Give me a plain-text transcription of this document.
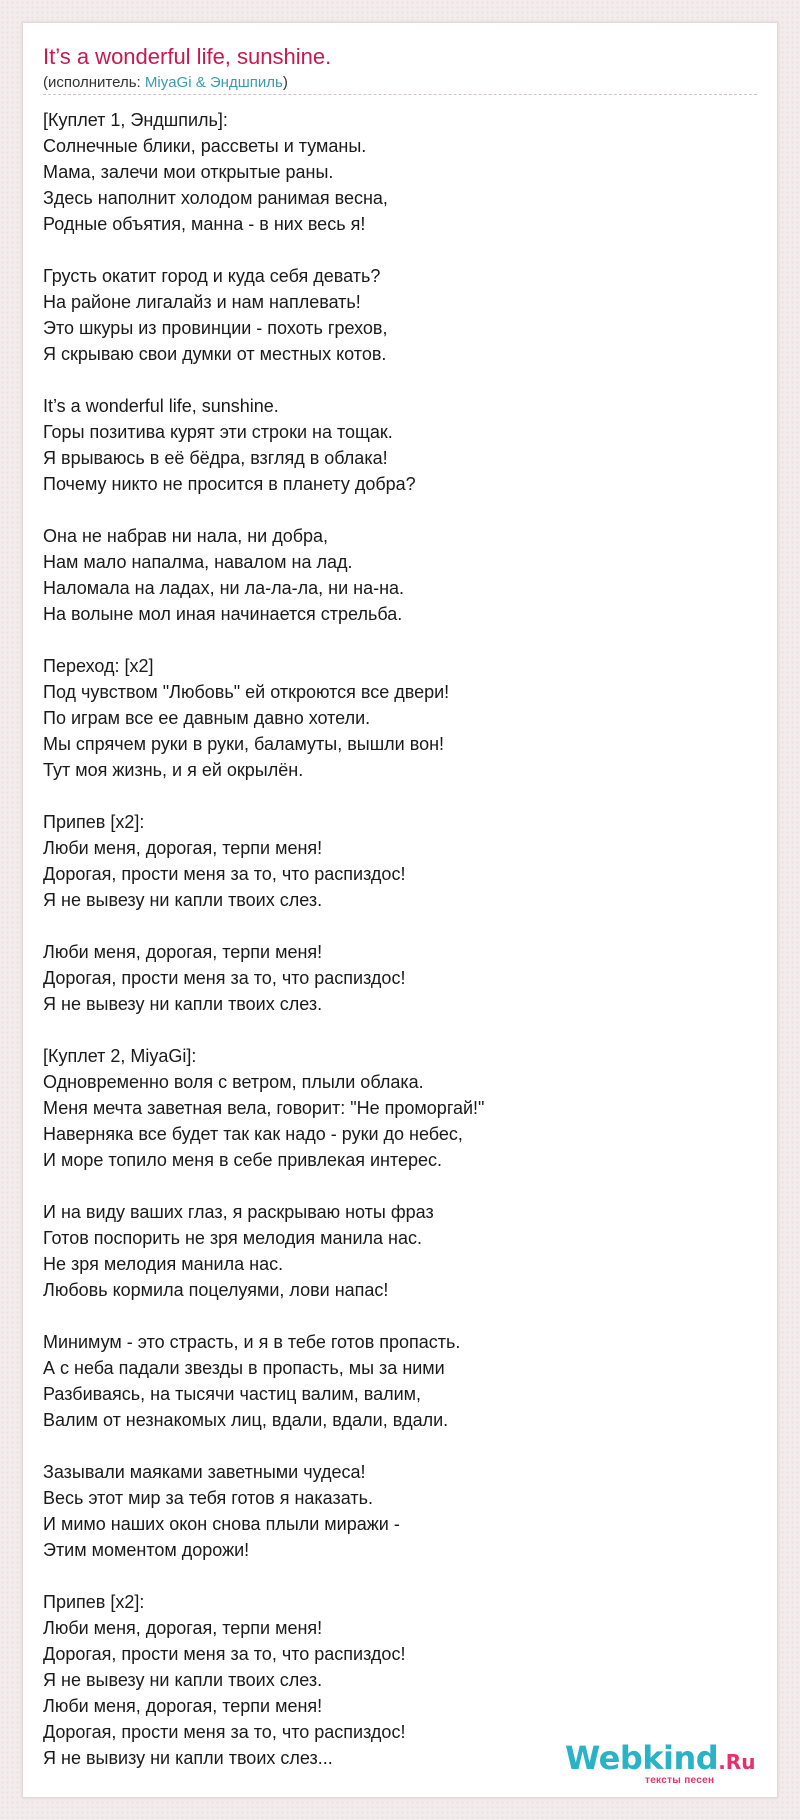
It’s a wonderful life, sunshine.
(исполнитель: MiyaGi & Эндшпиль)
[Куплет 1, Эндшпиль]:
Солнечные блики, рассветы и туманы.
Мама, залечи мои открытые раны.
Здесь наполнит холодом ранимая весна,
Родные объятия, манна - в них весь я!
Грусть окатит город и куда себя девать?
На районе лигалайз и нам наплевать!
Это шкуры из провинции - похоть грехов,
Я скрываю свои думки от местных котов.
It’s a wonderful life, sunshine.
Горы позитива курят эти строки на тощак.
Я врываюсь в её бёдра, взгляд в облака!
Почему никто не просится в планету добра?
Она не набрав ни нала, ни добра,
Нам мало напалма, навалом на лад.
Наломала на ладах, ни ла-ла-ла, ни на-на.
На волыне мол иная начинается стрельба.
Переход: [x2]
Под чувством "Любовь" ей откроются все двери!
По играм все ее давным давно хотели.
Мы спрячем руки в руки, баламуты, вышли вон!
Тут моя жизнь, и я ей окрылён.
Припев [x2]:
Люби меня, дорогая, терпи меня!
Дорогая, прости меня за то, что распиздос!
Я не вывезу ни капли твоих слез.
Люби меня, дорогая, терпи меня!
Дорогая, прости меня за то, что распиздос!
Я не вывезу ни капли твоих слез.
[Куплет 2, MiyaGi]:
Одновременно воля с ветром, плыли облака.
Меня мечта заветная вела, говорит: "Не проморгай!"
Наверняка все будет так как надо - руки до небес,
И море топило меня в себе привлекая интерес.
И на виду ваших глаз, я раскрываю ноты фраз
Готов поспорить не зря мелодия манила нас.
Не зря мелодия манила нас.
Любовь кормила поцелуями, лови напас!
Минимум - это страсть, и я в тебе готов пропасть.
А с неба падали звезды в пропасть, мы за ними
Разбиваясь, на тысячи частиц валим, валим,
Валим от незнакомых лиц, вдали, вдали, вдали.
Зазывали маяками заветными чудеса!
Весь этот мир за тебя готов я наказать.
И мимо наших окон снова плыли миражи -
Этим моментом дорожи!
Припев [x2]:
Люби меня, дорогая, терпи меня!
Дорогая, прости меня за то, что распиздос!
Я не вывезу ни капли твоих слез.
Люби меня, дорогая, терпи меня!
Дорогая, прости меня за то, что распиздос!
Я не вывизу ни капли твоих слез...	Webkind.Ru
тексты песен
